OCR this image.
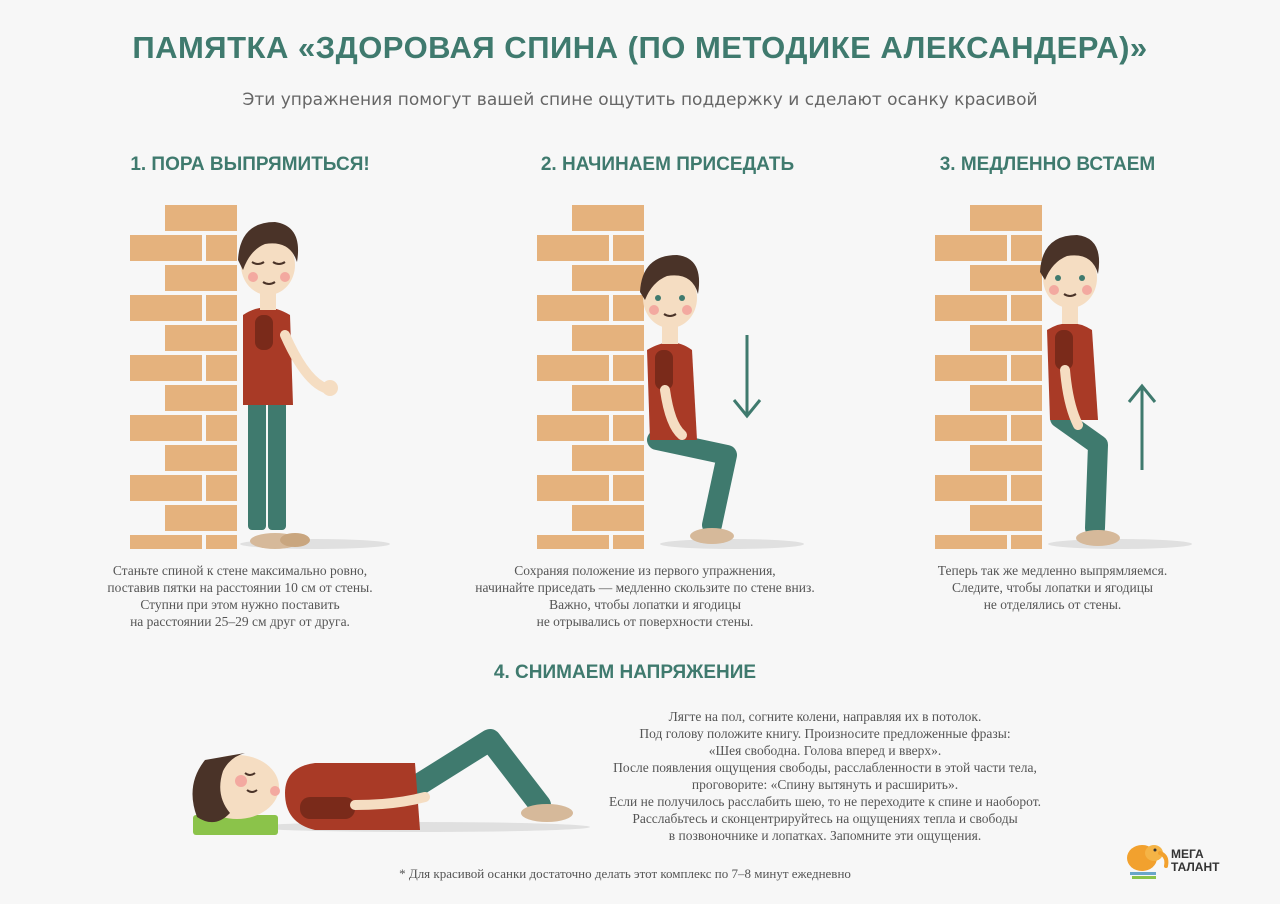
ПАМЯТКА «ЗДОРОВАЯ СПИНА (ПО МЕТОДИКЕ АЛЕКСАНДЕРА)»
Эти упражнения помогут вашей спине ощутить поддержку и сделают осанку красивой
1. ПОРА ВЫПРЯМИТЬСЯ!
Станьте спиной к стене максимально ровно,
поставив пятки на расстоянии 10 см от стены.
Ступни при этом нужно поставить
на расстоянии 25–29 см друг от друга.
2. НАЧИНАЕМ ПРИСЕДАТЬ
Сохраняя положение из первого упражнения,
начинайте приседать — медленно скользите по стене вниз.
Важно, чтобы лопатки и ягодицы
не отрывались от поверхности стены.
3. МЕДЛЕННО ВСТАЕМ
Теперь так же медленно выпрямляемся.
Следите, чтобы лопатки и ягодицы
не отделялись от стены.
4. СНИМАЕМ НАПРЯЖЕНИЕ
Лягте на пол, согните колени, направляя их в потолок.
Под голову положите книгу. Произносите предложенные фразы:
«Шея свободна. Голова вперед и вверх».
После появления ощущения свободы, расслабленности в этой части тела,
проговорите: «Спину вытянуть и расширить».
Если не получилось расслабить шею, то не переходите к спине и наоборот.
Расслабьтесь и сконцентрируйтесь на ощущениях тепла и свободы
в позвоночнике и лопатках. Запомните эти ощущения.
* Для красивой осанки достаточно делать этот комплекс по 7–8 минут ежедневно
МЕГА
ТАЛАНТ
